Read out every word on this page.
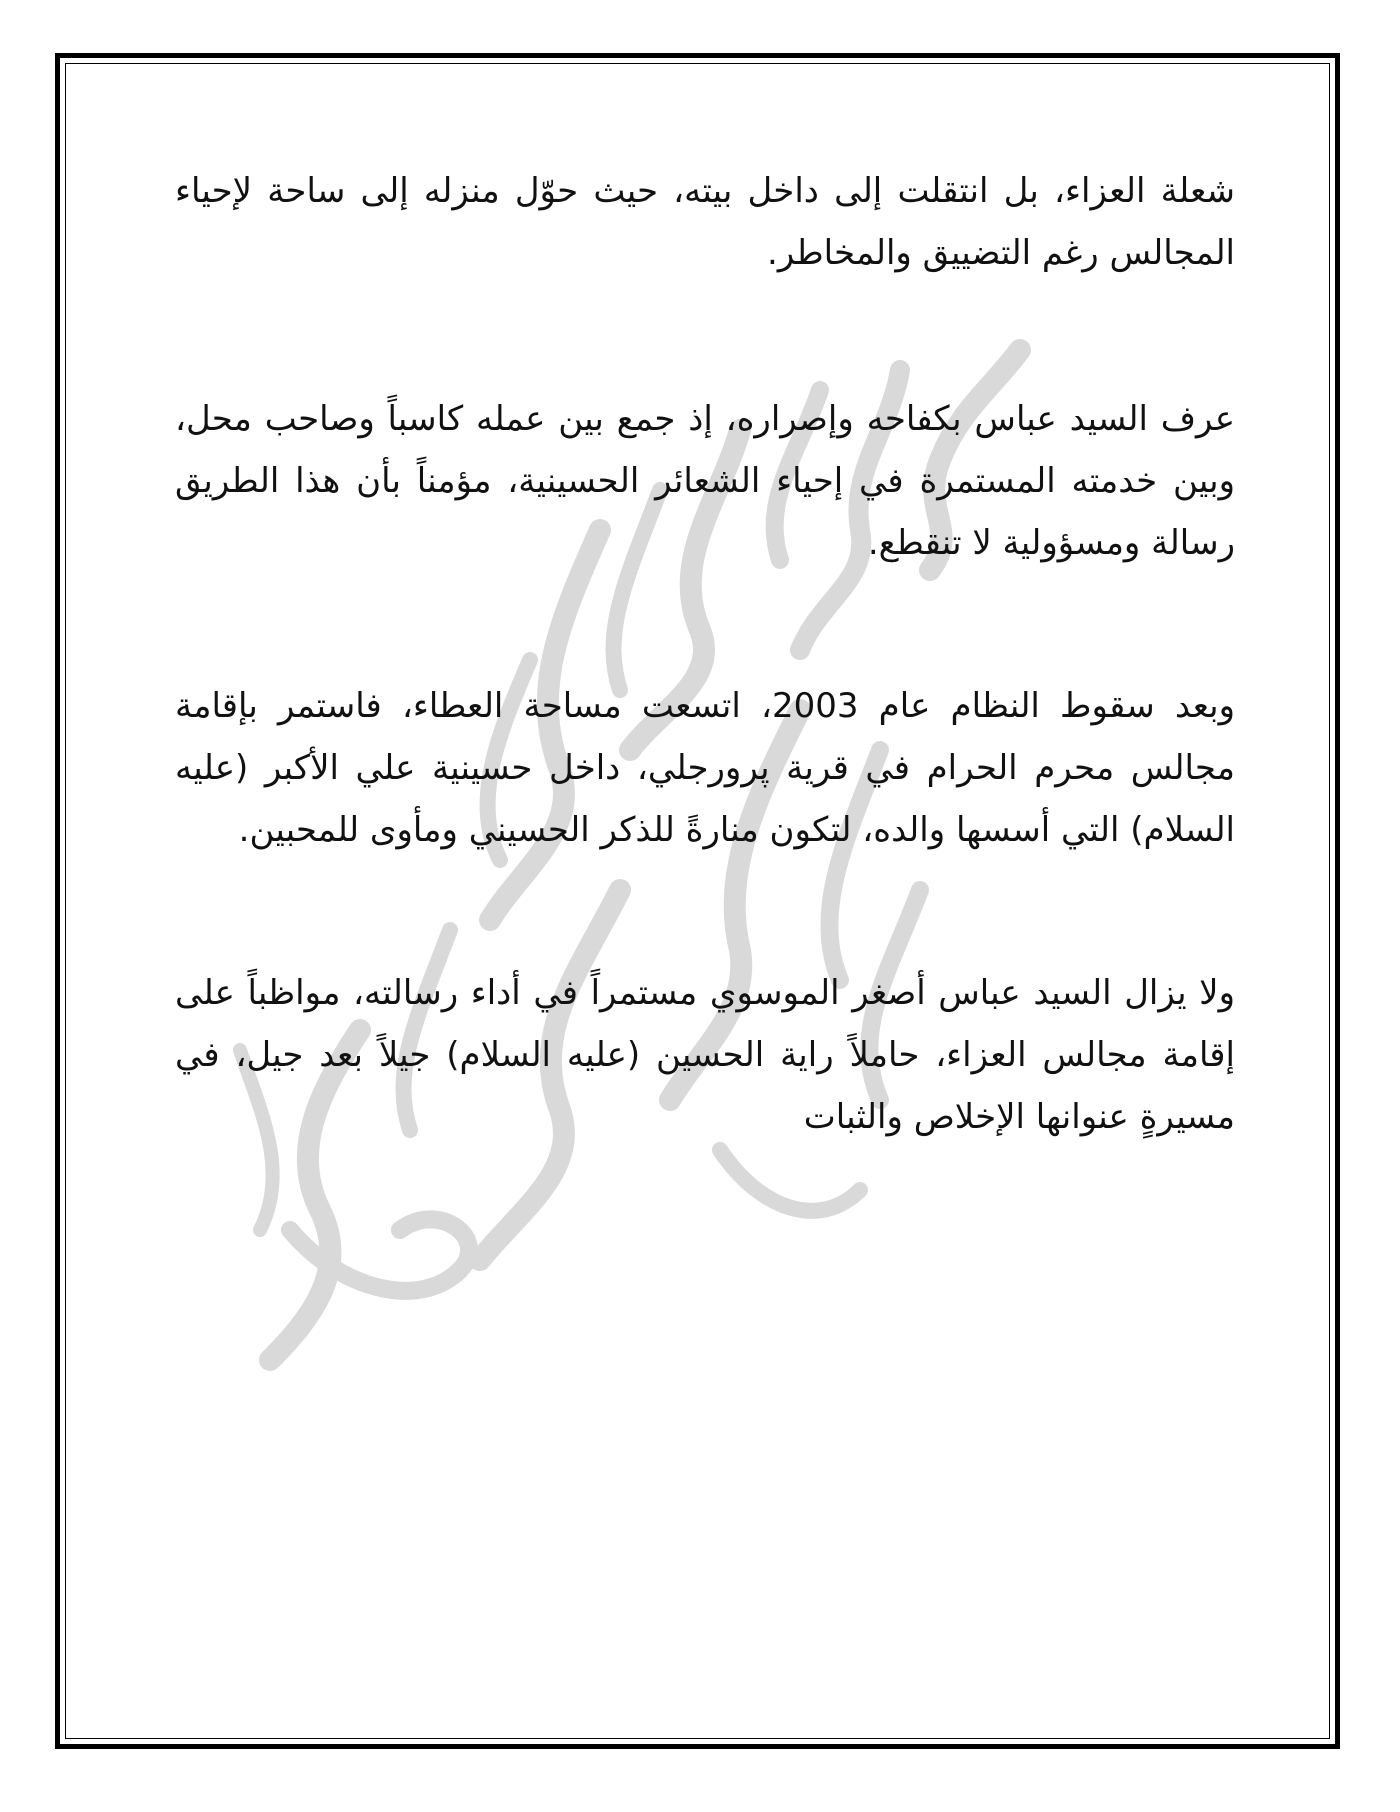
شعلة العزاء، بل انتقلت إلى داخل بيته، حيث حوّل منزله إلى ساحة لإحياء المجالس رغم التضييق والمخاطر.

عرف السيد عباس بكفاحه وإصراره، إذ جمع بين عمله كاسباً وصاحب محل، وبين خدمته المستمرة في إحياء الشعائر الحسينية، مؤمناً بأن هذا الطريق رسالة ومسؤولية لا تنقطع.

وبعد سقوط النظام عام 2003، اتسعت مساحة العطاء، فاستمر بإقامة مجالس محرم الحرام في قرية پرورجلي، داخل حسينية علي الأكبر (عليه السلام) التي أسسها والده، لتكون منارةً للذكر الحسيني ومأوى للمحبين.

ولا يزال السيد عباس أصغر الموسوي مستمراً في أداء رسالته، مواظباً على إقامة مجالس العزاء، حاملاً راية الحسين (عليه السلام) جيلاً بعد جيل، في مسيرةٍ عنوانها الإخلاص والثبات
